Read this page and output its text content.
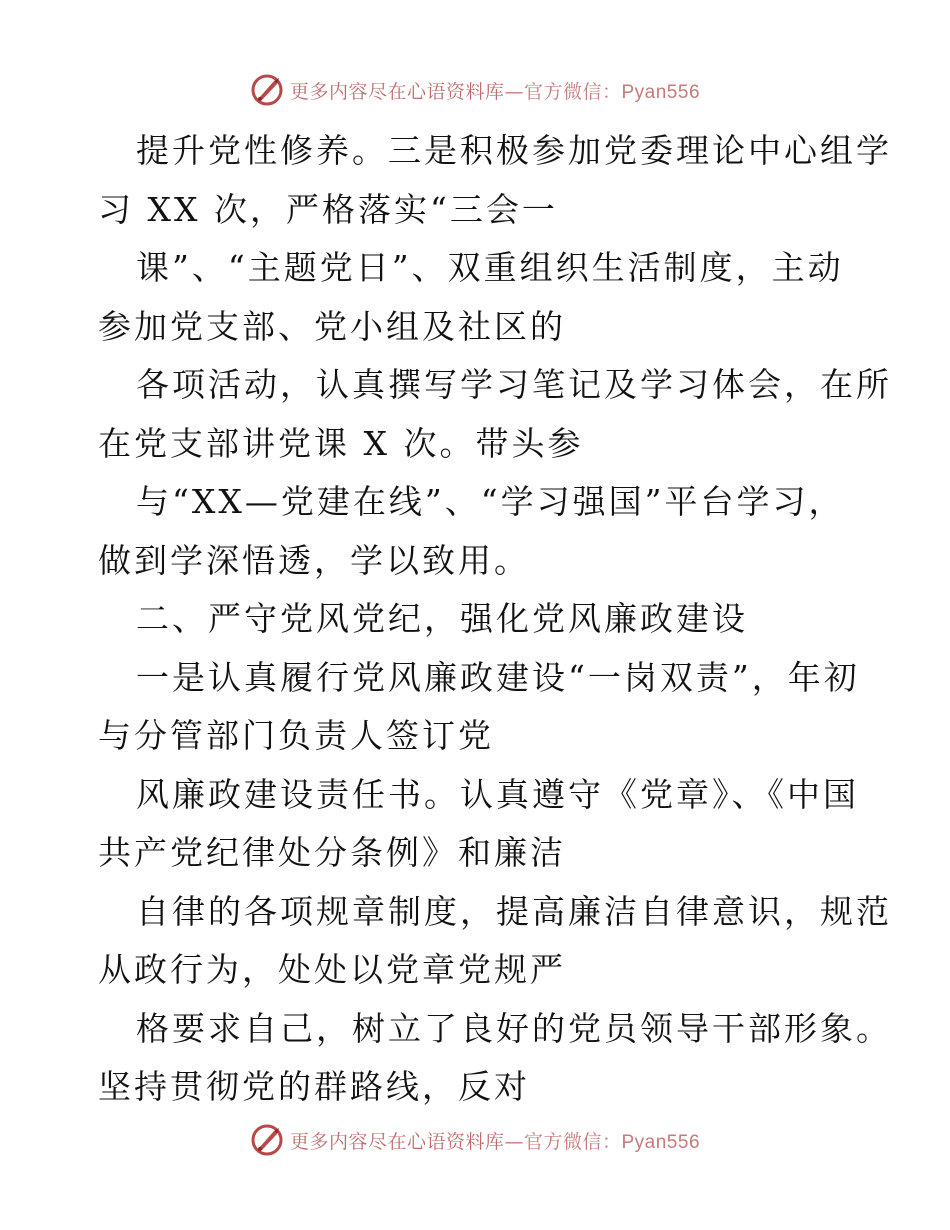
更多内容尽在心语资料库—官方微信：Pyan556
提升党性修养。三是积极参加党委理论中心组学
习 XX 次，严格落实“三会一
课”、“主题党日”、双重组织生活制度，主动
参加党支部、党小组及社区的
各项活动，认真撰写学习笔记及学习体会，在所
在党支部讲党课 X 次。带头参
与“XX—党建在线”、“学习强国”平台学习，
做到学深悟透，学以致用。
二、严守党风党纪，强化党风廉政建设
一是认真履行党风廉政建设“一岗双责”，年初
与分管部门负责人签订党
风廉政建设责任书。认真遵守《党章》、《中国
共产党纪律处分条例》和廉洁
自律的各项规章制度，提高廉洁自律意识，规范
从政行为，处处以党章党规严
格要求自己，树立了良好的党员领导干部形象。
坚持贯彻党的群路线，反对
更多内容尽在心语资料库—官方微信：Pyan556
